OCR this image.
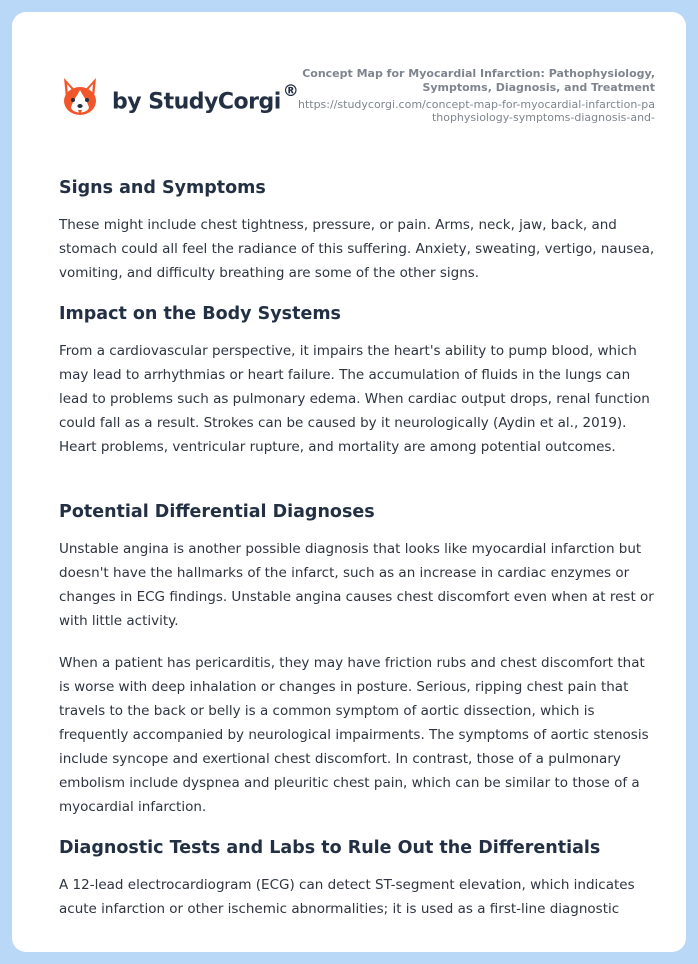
by StudyCorgi ®
Concept Map for Myocardial Infarction: Pathophysiology, Symptoms, Diagnosis, and Treatment
https://studycorgi.com/concept-map-for-myocardial-infarction-pathophysiology-symptoms-diagnosis-and-
Signs and Symptoms

These might include chest tightness, pressure, or pain. Arms, neck, jaw, back, and stomach could all feel the radiance of this suffering. Anxiety, sweating, vertigo, nausea, vomiting, and difficulty breathing are some of the other signs.

Impact on the Body Systems

From a cardiovascular perspective, it impairs the heart's ability to pump blood, which may lead to arrhythmias or heart failure. The accumulation of fluids in the lungs can lead to problems such as pulmonary edema. When cardiac output drops, renal function could fall as a result. Strokes can be caused by it neurologically (Aydin et al., 2019). Heart problems, ventricular rupture, and mortality are among potential outcomes.

Potential Differential Diagnoses

Unstable angina is another possible diagnosis that looks like myocardial infarction but doesn't have the hallmarks of the infarct, such as an increase in cardiac enzymes or changes in ECG findings. Unstable angina causes chest discomfort even when at rest or with little activity.

When a patient has pericarditis, they may have friction rubs and chest discomfort that is worse with deep inhalation or changes in posture. Serious, ripping chest pain that travels to the back or belly is a common symptom of aortic dissection, which is frequently accompanied by neurological impairments. The symptoms of aortic stenosis include syncope and exertional chest discomfort. In contrast, those of a pulmonary embolism include dyspnea and pleuritic chest pain, which can be similar to those of a myocardial infarction.

Diagnostic Tests and Labs to Rule Out the Differentials

A 12-lead electrocardiogram (ECG) can detect ST-segment elevation, which indicates acute infarction or other ischemic abnormalities; it is used as a first-line diagnostic
